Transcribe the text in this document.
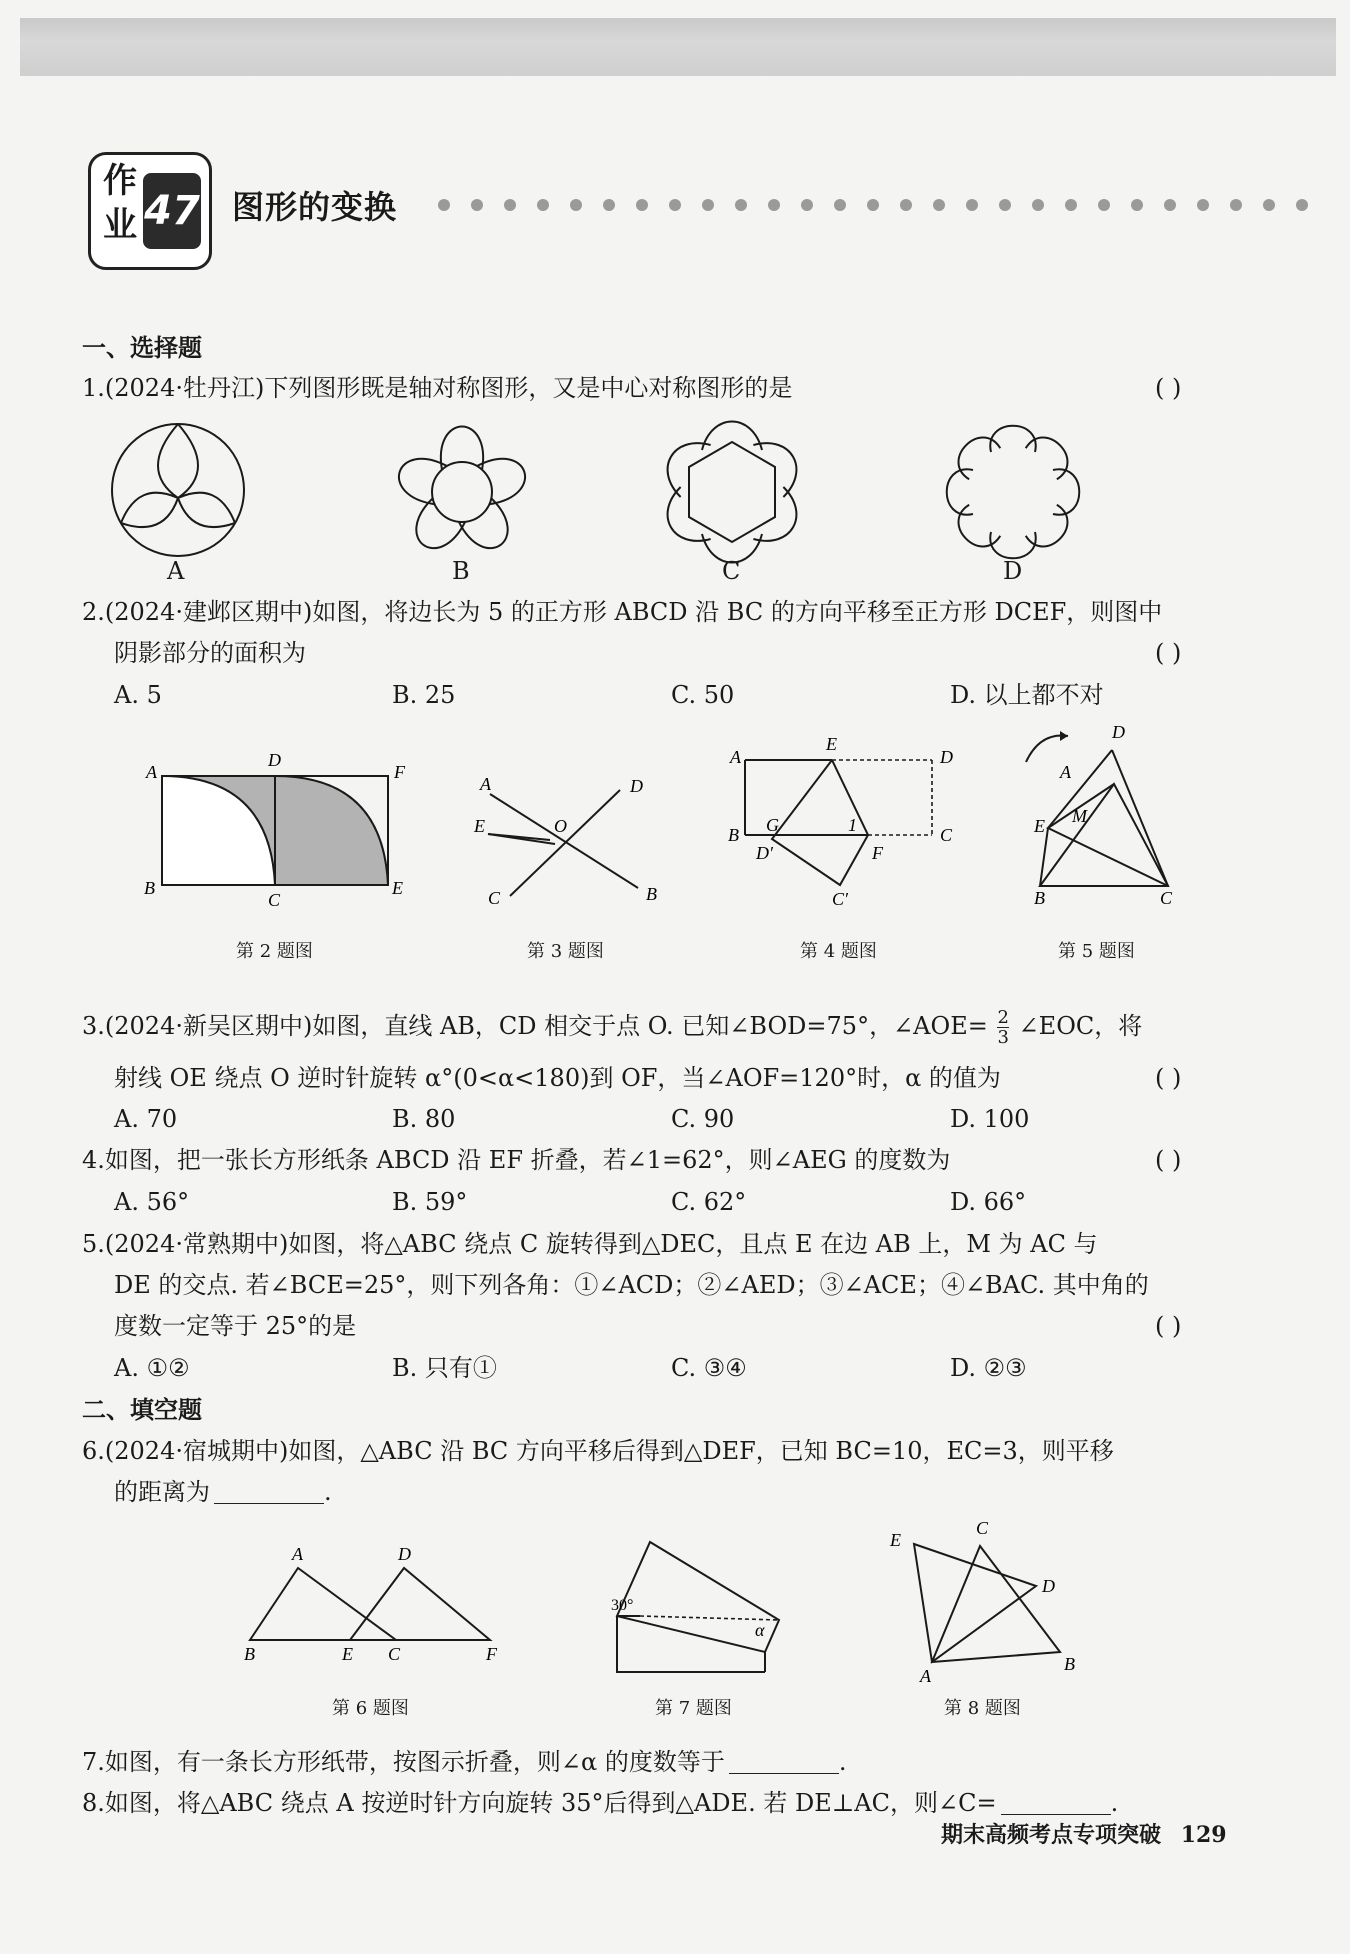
作
业 47 图形的变换
一、选择题
1.(2024·牡丹江)下列图形既是轴对称图形，又是中心对称图形的是	( )
A	B	C	D
2.(2024·建邺区期中)如图，将边长为 5 的正方形 ABCD 沿 BC 的方向平移至正方形 DCEF，则图中
阴影部分的面积为	( )
A. 5	B. 25	C. 50	D. 以上都不对
A
D
F
B
C
E
第 2 题图
A	D
E	O
C	B
第 3 题图
A
E
D
B G	1	C
D′	F
C′
第 4 题图
D
A
E M
B	C
第 5 题图
3.(2024·新吴区期中)如图，直线 AB，CD 相交于点 O. 已知∠BOD=75°，∠AOE= $\frac{2}{3}$ ∠EOC，将
射线 OE 绕点 O 逆时针旋转 α°(0<α<180)到 OF，当∠AOF=120°时，α 的值为	( )
A. 70	B. 80	C. 90	D. 100
4.如图，把一张长方形纸条 ABCD 沿 EF 折叠，若∠1=62°，则∠AEG 的度数为	( )
A. 56°	B. 59°	C. 62°	D. 66°
5.(2024·常熟期中)如图，将△ABC 绕点 C 旋转得到△DEC，且点 E 在边 AB 上，M 为 AC 与
DE 的交点. 若∠BCE=25°，则下列各角：①∠ACD；②∠AED；③∠ACE；④∠BAC. 其中角的
度数一定等于 25°的是	( )
A. ①②	B. 只有①	C. ③④	D. ②③
二、填空题
6.(2024·宿城期中)如图，△ABC 沿 BC 方向平移后得到△DEF，已知 BC=10，EC=3，则平移
的距离为	.
A	D
B	E C	F
第 6 题图
30°
α
第 7 题图
E
C
D
A
B
第 8 题图
7.如图，有一条长方形纸带，按图示折叠，则∠α 的度数等于	.
8.如图，将△ABC 绕点 A 按逆时针方向旋转 35°后得到△ADE. 若 DE⊥AC，则∠C=	.
期末高频考点专项突破 129
